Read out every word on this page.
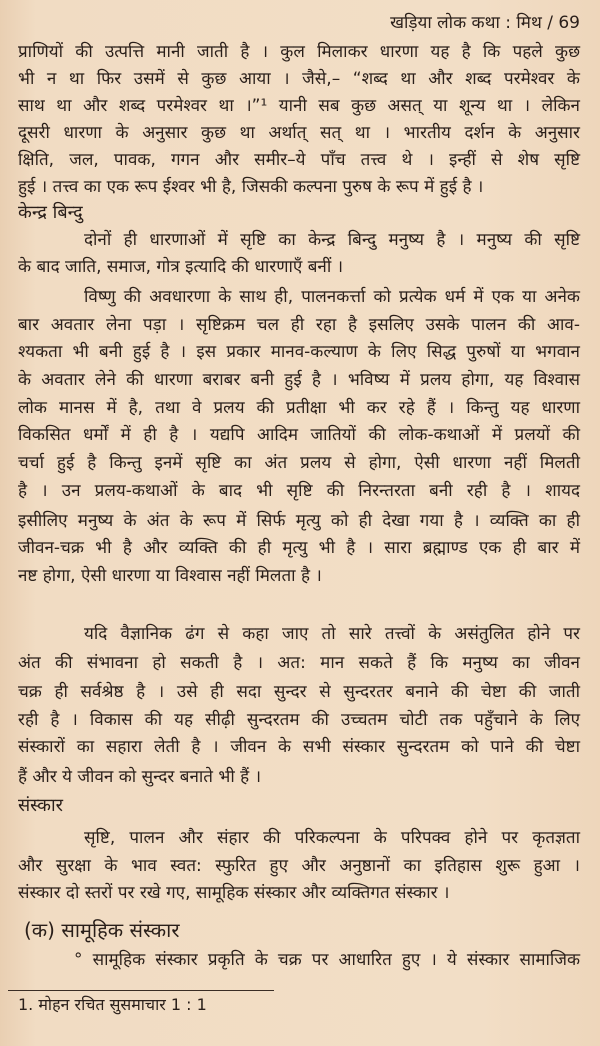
खड़िया लोक कथा : मिथ / 69
प्राणियों की उत्पत्ति मानी जाती है । कुल मिलाकर धारणा यह है कि पहले कुछ
भी न था फिर उसमें से कुछ आया । जैसे,– “शब्द था और शब्द परमेश्वर के
साथ था और शब्द परमेश्वर था ।”¹ यानी सब कुछ असत् या शून्य था । लेकिन
दूसरी धारणा के अनुसार कुछ था अर्थात् सत् था । भारतीय दर्शन के अनुसार
क्षिति, जल, पावक, गगन और समीर–ये पाँच तत्त्व थे । इन्हीं से शेष सृष्टि
हुई । तत्त्व का एक रूप ईश्वर भी है, जिसकी कल्पना पुरुष के रूप में हुई है ।
केन्द्र बिन्दु
दोनों ही धारणाओं में सृष्टि का केन्द्र बिन्दु मनुष्य है । मनुष्य की सृष्टि
के बाद जाति, समाज, गोत्र इत्यादि की धारणाएँ बनीं ।
विष्णु की अवधारणा के साथ ही, पालनकर्त्ता को प्रत्येक धर्म में एक या अनेक
बार अवतार लेना पड़ा । सृष्टिक्रम चल ही रहा है इसलिए उसके पालन की आव-
श्यकता भी बनी हुई है । इस प्रकार मानव-कल्याण के लिए सिद्ध पुरुषों या भगवान
के अवतार लेने की धारणा बराबर बनी हुई है । भविष्य में प्रलय होगा, यह विश्वास
लोक मानस में है, तथा वे प्रलय की प्रतीक्षा भी कर रहे हैं । किन्तु यह धारणा
विकसित धर्मों में ही है । यद्यपि आदिम जातियों की लोक-कथाओं में प्रलयों की
चर्चा हुई है किन्तु इनमें सृष्टि का अंत प्रलय से होगा, ऐसी धारणा नहीं मिलती
है । उन प्रलय-कथाओं के बाद भी सृष्टि की निरन्तरता बनी रही है । शायद
इसीलिए मनुष्य के अंत के रूप में सिर्फ मृत्यु को ही देखा गया है । व्यक्ति का ही
जीवन-चक्र भी है और व्यक्ति की ही मृत्यु भी है । सारा ब्रह्माण्ड एक ही बार में
नष्ट होगा, ऐसी धारणा या विश्वास नहीं मिलता है ।
यदि वैज्ञानिक ढंग से कहा जाए तो सारे तत्त्वों के असंतुलित होने पर
अंत की संभावना हो सकती है । अत: मान सकते हैं कि मनुष्य का जीवन
चक्र ही सर्वश्रेष्ठ है । उसे ही सदा सुन्दर से सुन्दरतर बनाने की चेष्टा की जाती
रही है । विकास की यह सीढ़ी सुन्दरतम की उच्चतम चोटी तक पहुँचाने के लिए
संस्कारों का सहारा लेती है । जीवन के सभी संस्कार सुन्दरतम को पाने की चेष्टा
हैं और ये जीवन को सुन्दर बनाते भी हैं ।
संस्कार
सृष्टि, पालन और संहार की परिकल्पना के परिपक्व होने पर कृतज्ञता
और सुरक्षा के भाव स्वत: स्फुरित हुए और अनुष्ठानों का इतिहास शुरू हुआ ।
संस्कार दो स्तरों पर रखे गए, सामूहिक संस्कार और व्यक्तिगत संस्कार ।
(क) सामूहिक संस्कार
° सामूहिक संस्कार प्रकृति के चक्र पर आधारित हुए । ये संस्कार सामाजिक
1. मोहन रचित सुसमाचार 1 : 1
